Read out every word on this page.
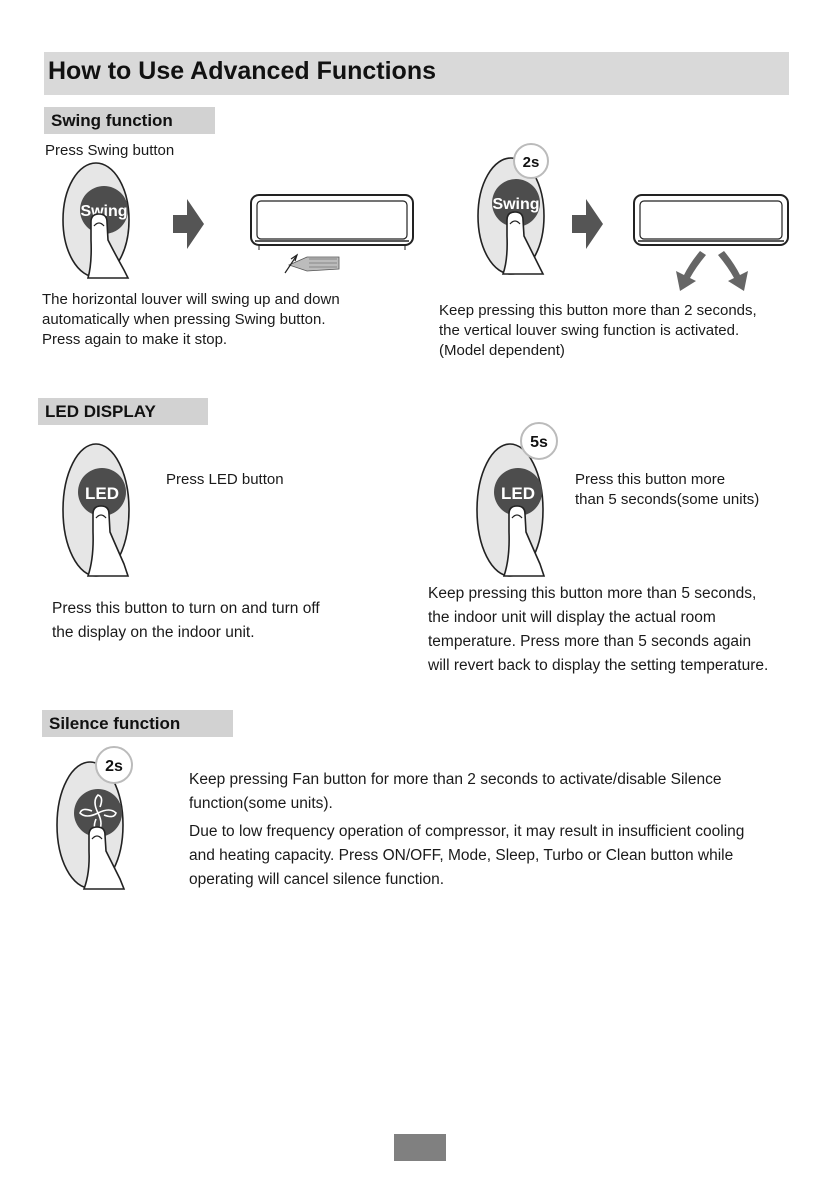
How to Use Advanced Functions
Swing function
Press Swing button
Swing	Swing
2s
The horizontal louver will swing up and down
automatically when pressing Swing button.
Press again to make it stop.
Keep pressing this button more than 2 seconds,
the vertical louver swing function is activated.
(Model dependent)
LED DISPLAY
LED
Press LED button
LED
5s
Press this button more
than 5 seconds(some units)
Press this button to turn on and turn off
the display on the indoor unit.
Keep pressing this button more than 5 seconds,
the indoor unit will display the actual room
temperature. Press more than 5 seconds again
will revert back to display the setting temperature.
Silence function
2s
Keep pressing Fan button for more than 2 seconds to activate/disable Silence
function(some units).
Due to low frequency operation of compressor, it may result in insufficient cooling
and heating capacity. Press ON/OFF, Mode, Sleep, Turbo or Clean button while
operating will cancel silence function.
